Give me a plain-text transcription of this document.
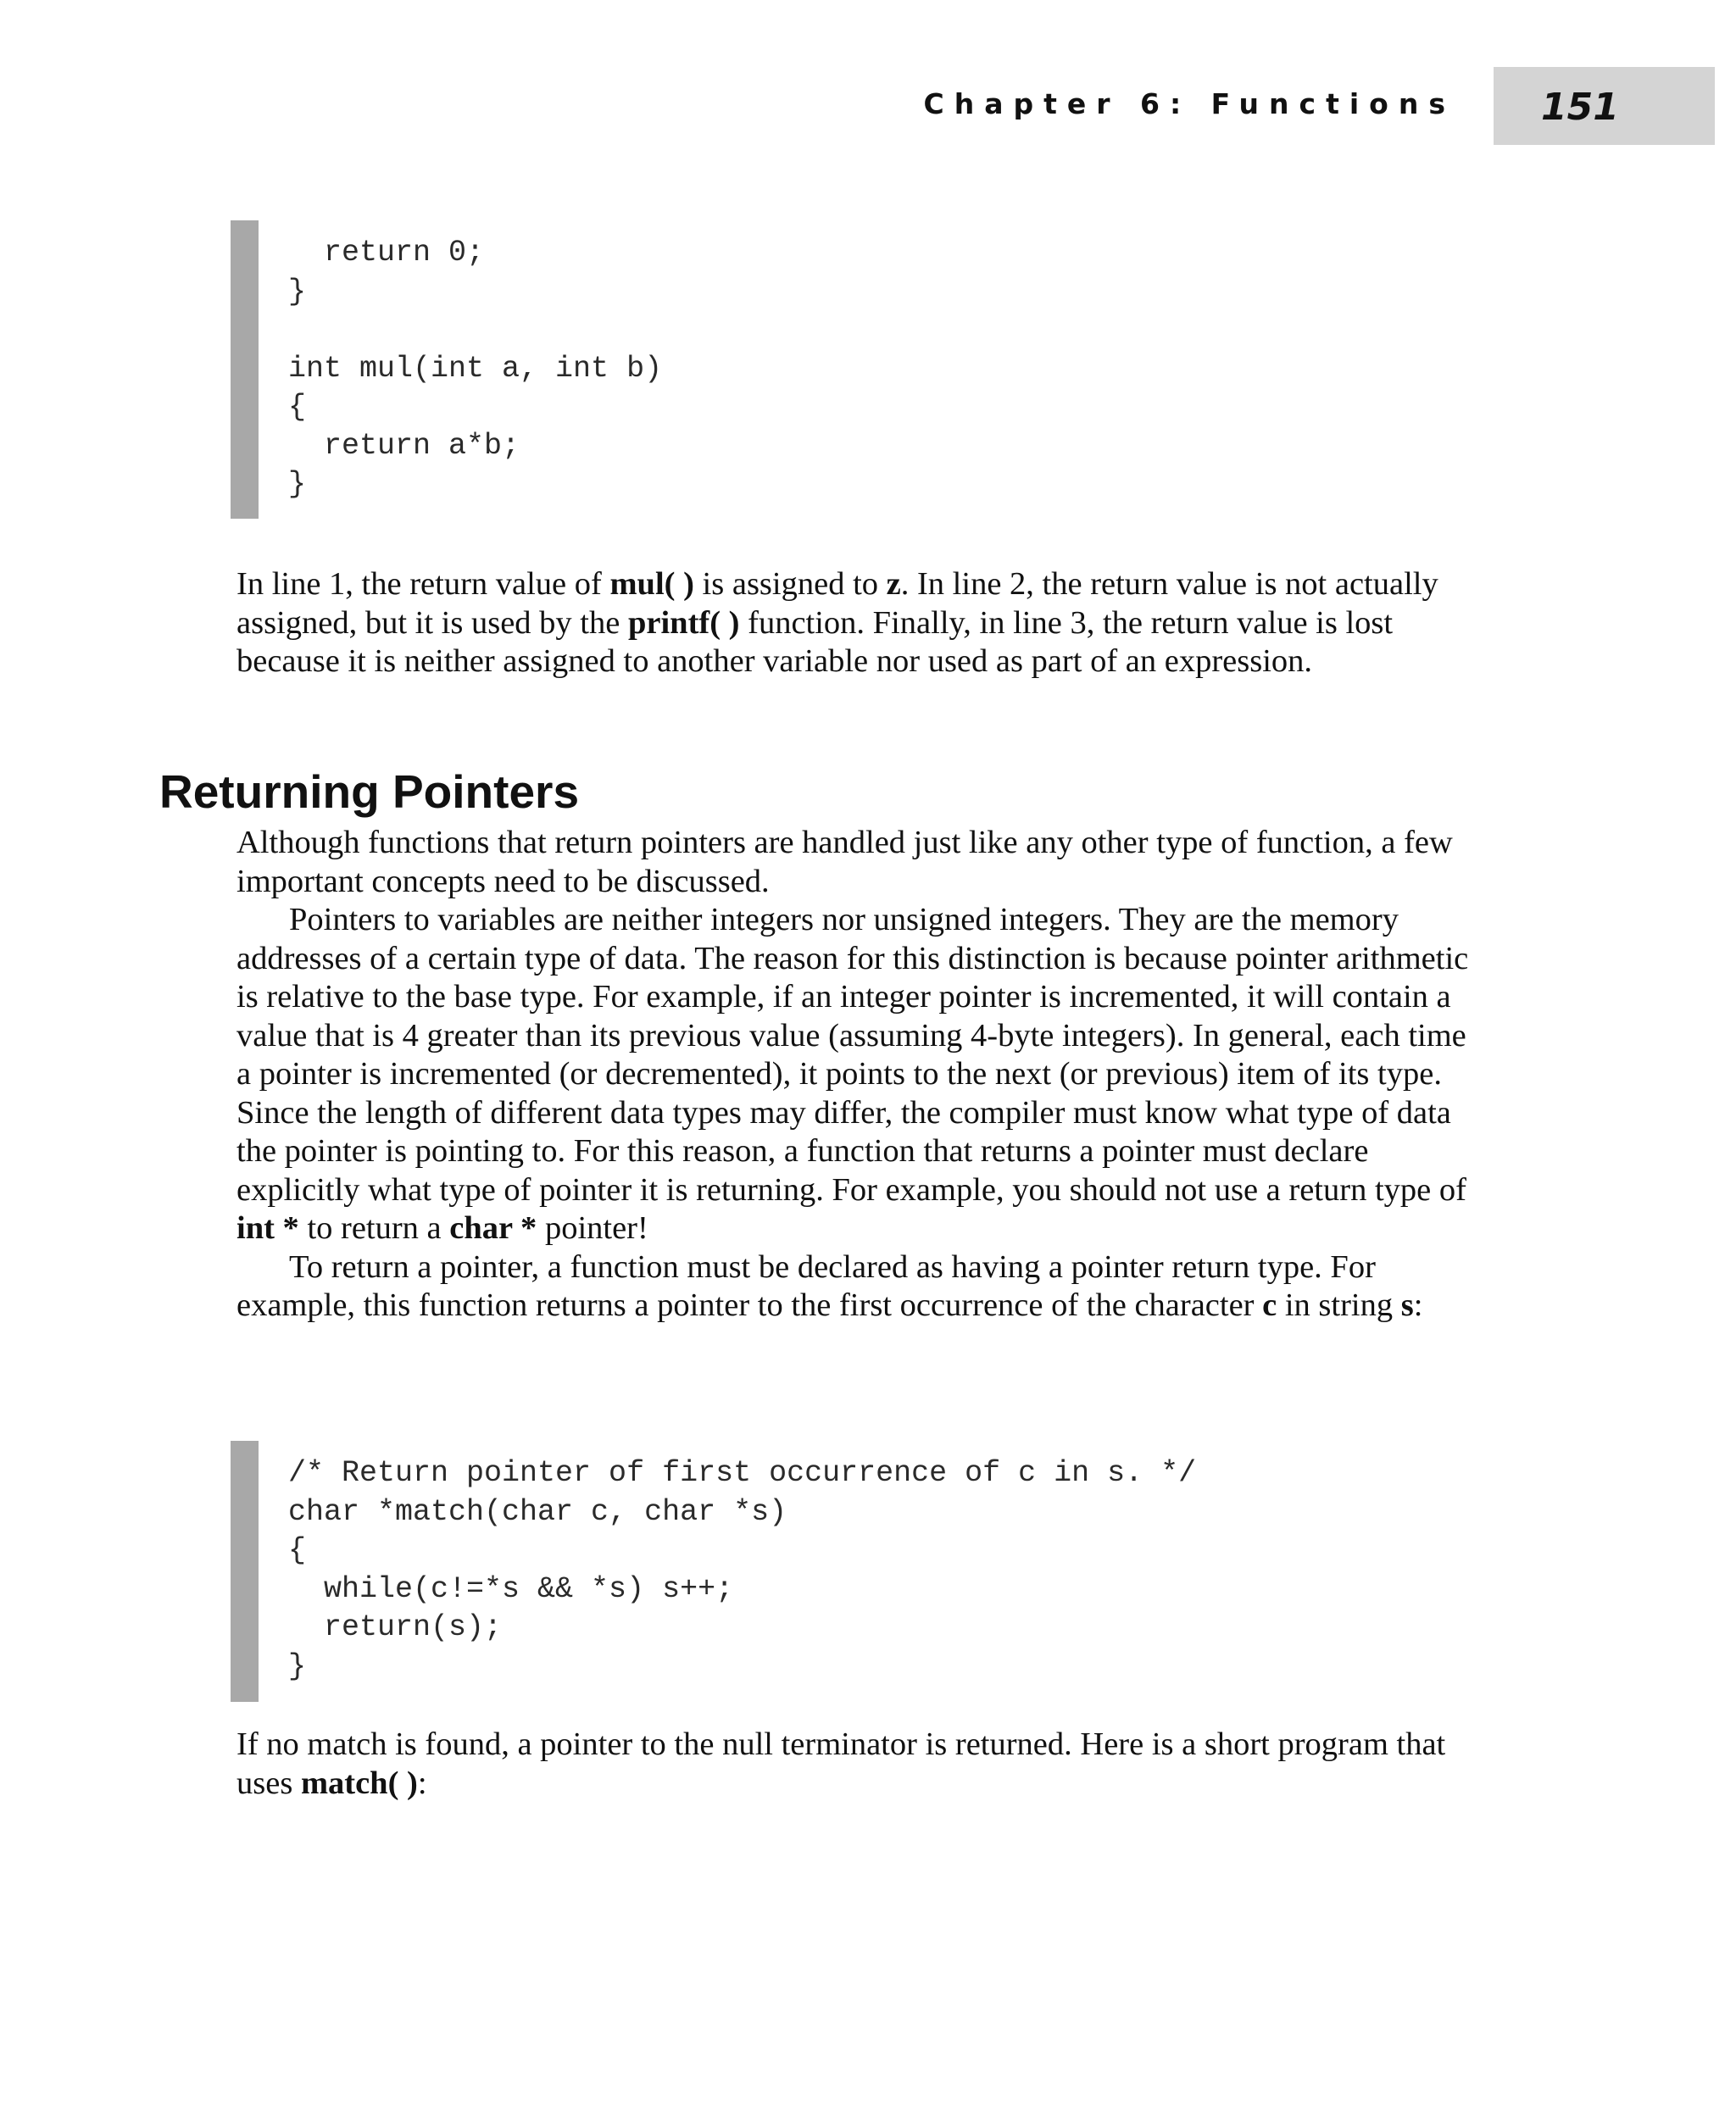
Chapter 6: Functions 151
return 0;
}

int mul(int a, int b)
{
return a*b;
}

In line 1, the return value of mul( ) is assigned to z. In line 2, the return value is not actually assigned, but it is used by the printf( ) function. Finally, in line 3, the return value is lost because it is neither assigned to another variable nor used as part of an expression.

Returning Pointers

Although functions that return pointers are handled just like any other type of function, a few important concepts need to be discussed.

Pointers to variables are neither integers nor unsigned integers. They are the memory addresses of a certain type of data. The reason for this distinction is because pointer arithmetic is relative to the base type. For example, if an integer pointer is incremented, it will contain a value that is 4 greater than its previous value (assuming 4-byte integers). In general, each time a pointer is incremented (or decremented), it points to the next (or previous) item of its type. Since the length of different data types may differ, the compiler must know what type of data the pointer is pointing to. For this reason, a function that returns a pointer must declare explicitly what type of pointer it is returning. For example, you should not use a return type of int * to return a char * pointer!

To return a pointer, a function must be declared as having a pointer return type. For example, this function returns a pointer to the first occurrence of the character c in string s:

/* Return pointer of first occurrence of c in s. */
char *match(char c, char *s)
{
while(c!=*s && *s) s++;
return(s);
}

If no match is found, a pointer to the null terminator is returned. Here is a short program that uses match( ):
